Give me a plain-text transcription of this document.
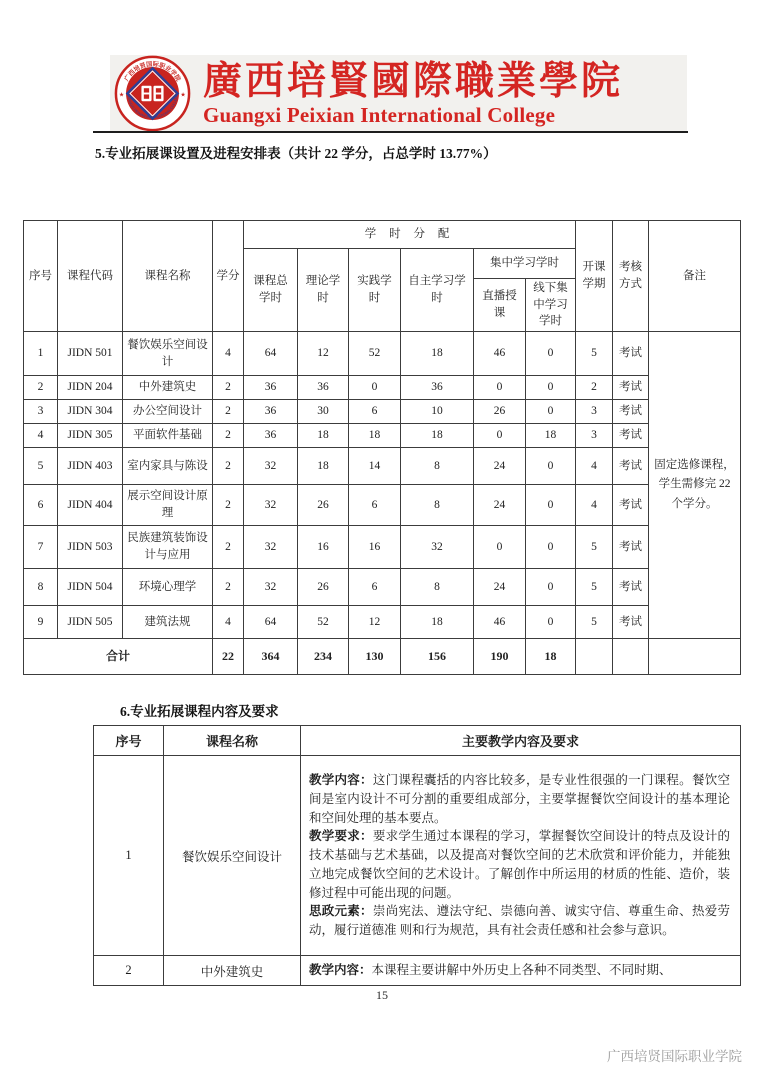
广西培贤国际职业学院
GUANGXI PEIXIAN INTERNATIONAL COLLEGE
★	★ 廣西培賢國際職業學院
Guangxi Peixian International College
5.专业拓展课设置及进程安排表（共计 22 学分，占总学时 13.77%）
序号	课程代码	课程名称	学分	学 时 分 配						开课学期	考核方式	备注
				课程总学时	理论学时	实践学时	自主学习学时	集中学习学时				
								直播授课	线下集中学习学时			
1	JIDN 501	餐饮娱乐空间设计	4	64	12	52	18	46	0	5	考试	固定选修课程，学生需修完 22 个学分。
2	JIDN 204	中外建筑史	2	36	36	0	36	0	0	2	考试	
3	JIDN 304	办公空间设计	2	36	30	6	10	26	0	3	考试	
4	JIDN 305	平面软件基础	2	36	18	18	18	0	18	3	考试	
5	JIDN 403	室内家具与陈设	2	32	18	14	8	24	0	4	考试	
6	JIDN 404	展示空间设计原理	2	32	26	6	8	24	0	4	考试	
7	JIDN 503	民族建筑装饰设计与应用	2	32	16	16	32	0	0	5	考试	
8	JIDN 504	环境心理学	2	32	26	6	8	24	0	5	考试	
9	JIDN 505	建筑法规	4	64	52	12	18	46	0	5	考试	
合计			22	364	234	130	156	190	18			
6.专业拓展课程内容及要求
序号	课程名称	主要教学内容及要求
1	餐饮娱乐空间设计	教学内容：这门课程囊括的内容比较多，是专业性很强的一门课程。餐饮空间是室内设计不可分割的重要组成部分，主要掌握餐饮空间设计的基本理论和空间处理的基本要点。

教学要求：要求学生通过本课程的学习，掌握餐饮空间设计的特点及设计的技术基础与艺术基础，以及提高对餐饮空间的艺术欣赏和评价能力，并能独立地完成餐饮空间的艺术设计。了解创作中所运用的材质的性能、造价，装修过程中可能出现的问题。

思政元素：崇尚宪法、遵法守纪、崇德向善、诚实守信、尊重生命、热爱劳动，履行道德准 则和行为规范，具有社会责任感和社会参与意识。

2	中外建筑史	教学内容：本课程主要讲解中外历史上各种不同类型、不同时期、

15
广西培贤国际职业学院
